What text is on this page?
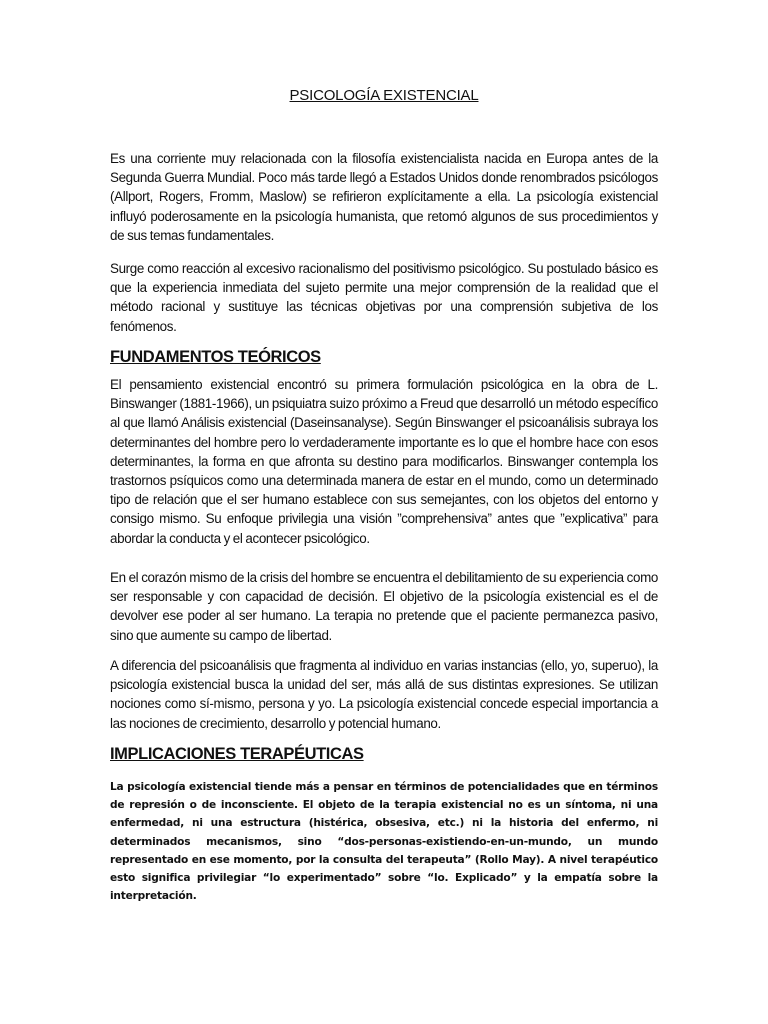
PSICOLOGÍA EXISTENCIAL

Es una corriente muy relacionada con la filosofía existencialista nacida en Europa antes de la Segunda Guerra Mundial. Poco más tarde llegó a Estados Unidos donde renombrados psicólogos (Allport, Rogers, Fromm, Maslow) se refirieron explícitamente a ella. La psicología existencial influyó poderosamente en la psicología humanista, que retomó algunos de sus procedimientos y de sus temas fundamentales.

Surge como reacción al excesivo racionalismo del positivismo psicológico. Su postulado básico es que la experiencia inmediata del sujeto permite una mejor comprensión de la realidad que el método racional y sustituye las técnicas objetivas por una comprensión subjetiva de los fenómenos.

FUNDAMENTOS TEÓRICOS

El pensamiento existencial encontró su primera formulación psicológica en la obra de L. Binswanger (1881-1966), un psiquiatra suizo próximo a Freud que desarrolló un método específico al que llamó Análisis existencial (Daseinsanalyse). Según Binswanger el psicoanálisis subraya los determinantes del hombre pero lo verdaderamente importante es lo que el hombre hace con esos determinantes, la forma en que afronta su destino para modificarlos. Binswanger contempla los trastornos psíquicos como una determinada manera de estar en el mundo, como un determinado tipo de relación que el ser humano establece con sus semejantes, con los objetos del entorno y consigo mismo. Su enfoque privilegia una visión ”comprehensiva” antes que ”explicativa” para abordar la conducta y el acontecer psicológico.

En el corazón mismo de la crisis del hombre se encuentra el debilitamiento de su experiencia como ser responsable y con capacidad de decisión. El objetivo de la psicología existencial es el de devolver ese poder al ser humano. La terapia no pretende que el paciente permanezca pasivo, sino que aumente su campo de libertad.

A diferencia del psicoanálisis que fragmenta al individuo en varias instancias (ello, yo, superuo), la psicología existencial busca la unidad del ser, más allá de sus distintas expresiones. Se utilizan nociones como sí-mismo, persona y yo. La psicología existencial concede especial importancia a las nociones de crecimiento, desarrollo y potencial humano.

IMPLICACIONES TERAPÉUTICAS

La psicología existencial tiende más a pensar en términos de potencialidades que en términos de represión o de inconsciente. El objeto de la terapia existencial no es un síntoma, ni una enfermedad, ni una estructura (histérica, obsesiva, etc.) ni la historia del enfermo, ni determinados mecanismos, sino “dos-personas-existiendo-en-un-mundo, un mundo representado en ese momento, por la consulta del terapeuta” (Rollo May). A nivel terapéutico esto significa privilegiar “lo experimentado” sobre “lo. Explicado” y la empatía sobre la interpretación.
